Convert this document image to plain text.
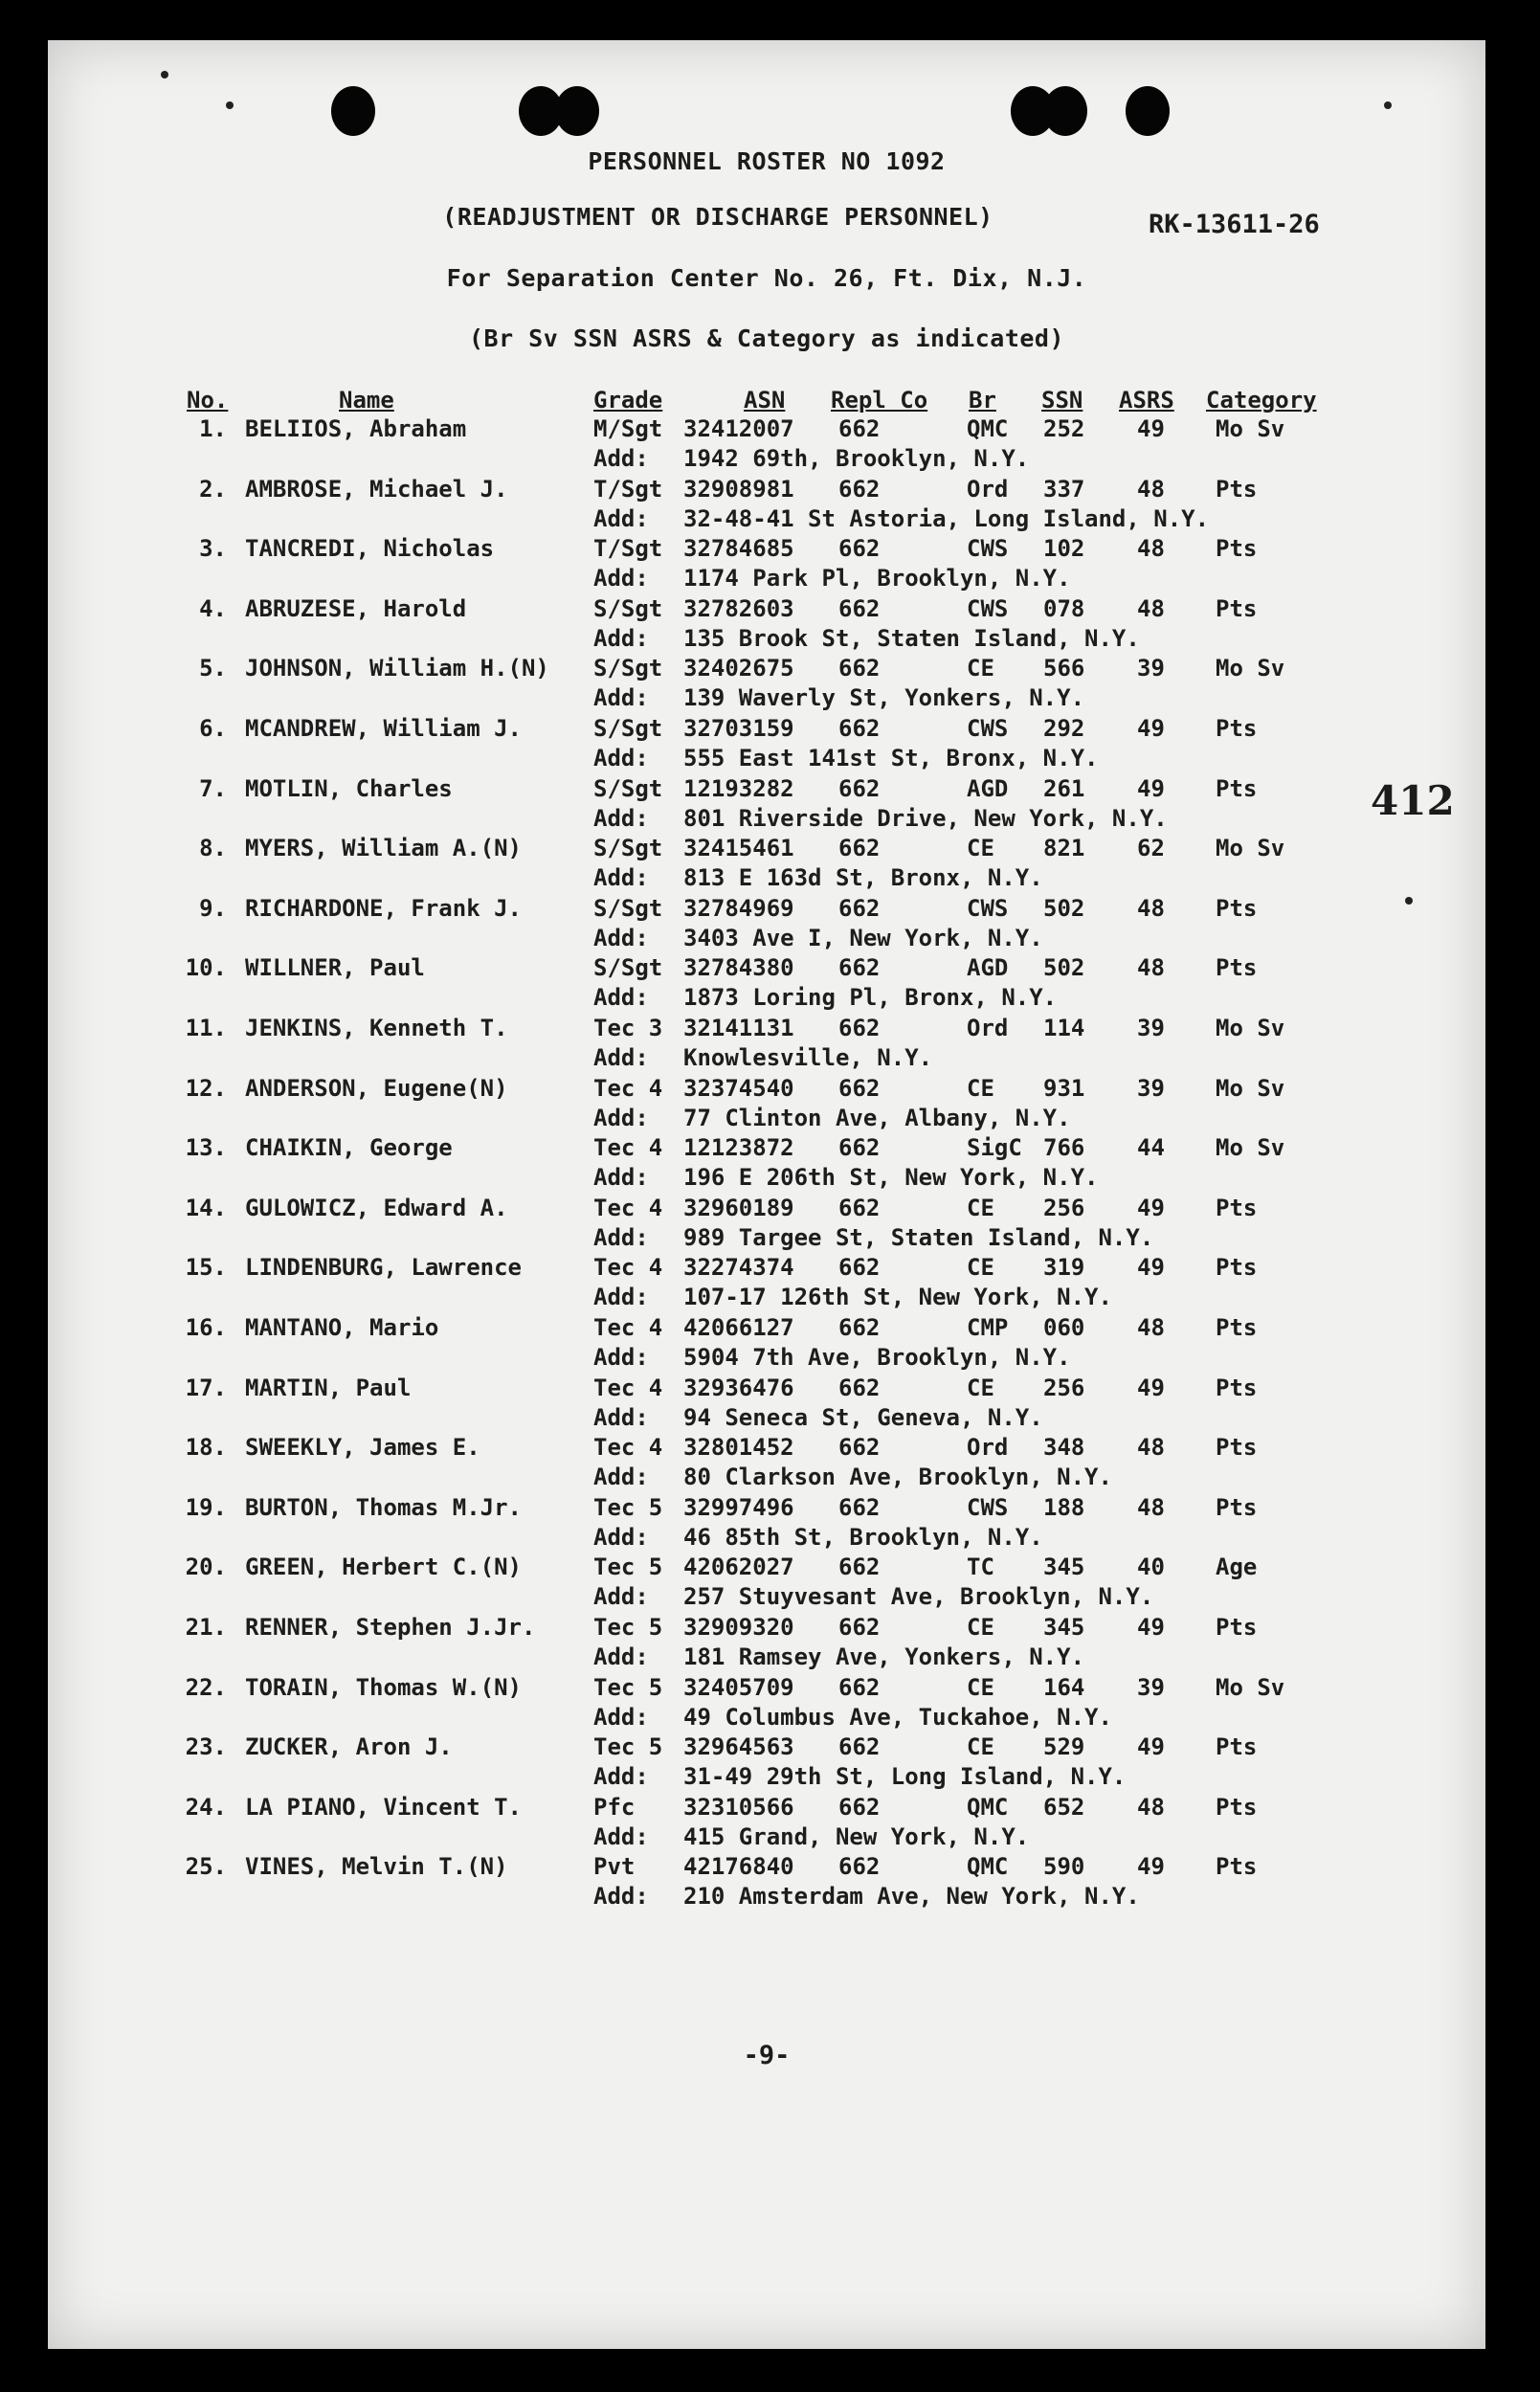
PERSONNEL ROSTER NO 1092
(READJUSTMENT OR DISCHARGE PERSONNEL)	RK-13611-26
For Separation Center No. 26, Ft. Dix, N.J.
(Br Sv SSN ASRS & Category as indicated)
No.	Name	Grade	ASN Repl Co Br SSN ASRS Category
1. BELIIOS, Abraham	M/Sgt 32412007 662	QMC 252 49 Mo Sv
Add: 1942 69th, Brooklyn, N.Y.
2. AMBROSE, Michael J.	T/Sgt 32908981 662	Ord 337 48 Pts
Add: 32-48-41 St Astoria, Long Island, N.Y.
3. TANCREDI, Nicholas	T/Sgt 32784685 662	CWS 102 48 Pts
Add: 1174 Park Pl, Brooklyn, N.Y.
4. ABRUZESE, Harold	S/Sgt 32782603 662	CWS 078 48 Pts
Add: 135 Brook St, Staten Island, N.Y.
5. JOHNSON, William H.(N) S/Sgt 32402675 662	CE 566 39 Mo Sv
Add: 139 Waverly St, Yonkers, N.Y.
6. MCANDREW, William J.	S/Sgt 32703159 662	CWS 292 49 Pts
Add: 555 East 141st St, Bronx, N.Y.
7. MOTLIN, Charles	S/Sgt 12193282 662	AGD 261 49 Pts
Add: 801 Riverside Drive, New York, N.Y.
8. MYERS, William A.(N)	S/Sgt 32415461 662	CE 821 62 Mo Sv
Add: 813 E 163d St, Bronx, N.Y.
9. RICHARDONE, Frank J.	S/Sgt 32784969 662	CWS 502 48 Pts
Add: 3403 Ave I, New York, N.Y.
10. WILLNER, Paul	S/Sgt 32784380 662	AGD 502 48 Pts
Add: 1873 Loring Pl, Bronx, N.Y.
11. JENKINS, Kenneth T.	Tec 3 32141131 662	Ord 114 39 Mo Sv
Add: Knowlesville, N.Y.
12. ANDERSON, Eugene(N)	Tec 4 32374540 662	CE 931 39 Mo Sv
Add: 77 Clinton Ave, Albany, N.Y.
13. CHAIKIN, George	Tec 4 12123872 662	SigC 766 44 Mo Sv
Add: 196 E 206th St, New York, N.Y.
14. GULOWICZ, Edward A.	Tec 4 32960189 662	CE 256 49 Pts
Add: 989 Targee St, Staten Island, N.Y.
15. LINDENBURG, Lawrence	Tec 4 32274374 662	CE 319 49 Pts
Add: 107-17 126th St, New York, N.Y.
16. MANTANO, Mario	Tec 4 42066127 662	CMP 060 48 Pts
Add: 5904 7th Ave, Brooklyn, N.Y.
17. MARTIN, Paul	Tec 4 32936476 662	CE 256 49 Pts
Add: 94 Seneca St, Geneva, N.Y.
18. SWEEKLY, James E.	Tec 4 32801452 662	Ord 348 48 Pts
Add: 80 Clarkson Ave, Brooklyn, N.Y.
19. BURTON, Thomas M.Jr.	Tec 5 32997496 662	CWS 188 48 Pts
Add: 46 85th St, Brooklyn, N.Y.
20. GREEN, Herbert C.(N)	Tec 5 42062027 662	TC 345 40 Age
Add: 257 Stuyvesant Ave, Brooklyn, N.Y.
21. RENNER, Stephen J.Jr.	Tec 5 32909320 662	CE 345 49 Pts
Add: 181 Ramsey Ave, Yonkers, N.Y.
22. TORAIN, Thomas W.(N)	Tec 5 32405709 662	CE 164 39 Mo Sv
Add: 49 Columbus Ave, Tuckahoe, N.Y.
23. ZUCKER, Aron J.	Tec 5 32964563 662	CE 529 49 Pts
Add: 31-49 29th St, Long Island, N.Y.
24. LA PIANO, Vincent T.	Pfc 32310566 662	QMC 652 48 Pts
Add: 415 Grand, New York, N.Y.
25. VINES, Melvin T.(N)	Pvt 42176840 662	QMC 590 49 Pts
Add: 210 Amsterdam Ave, New York, N.Y.
412
-9-
